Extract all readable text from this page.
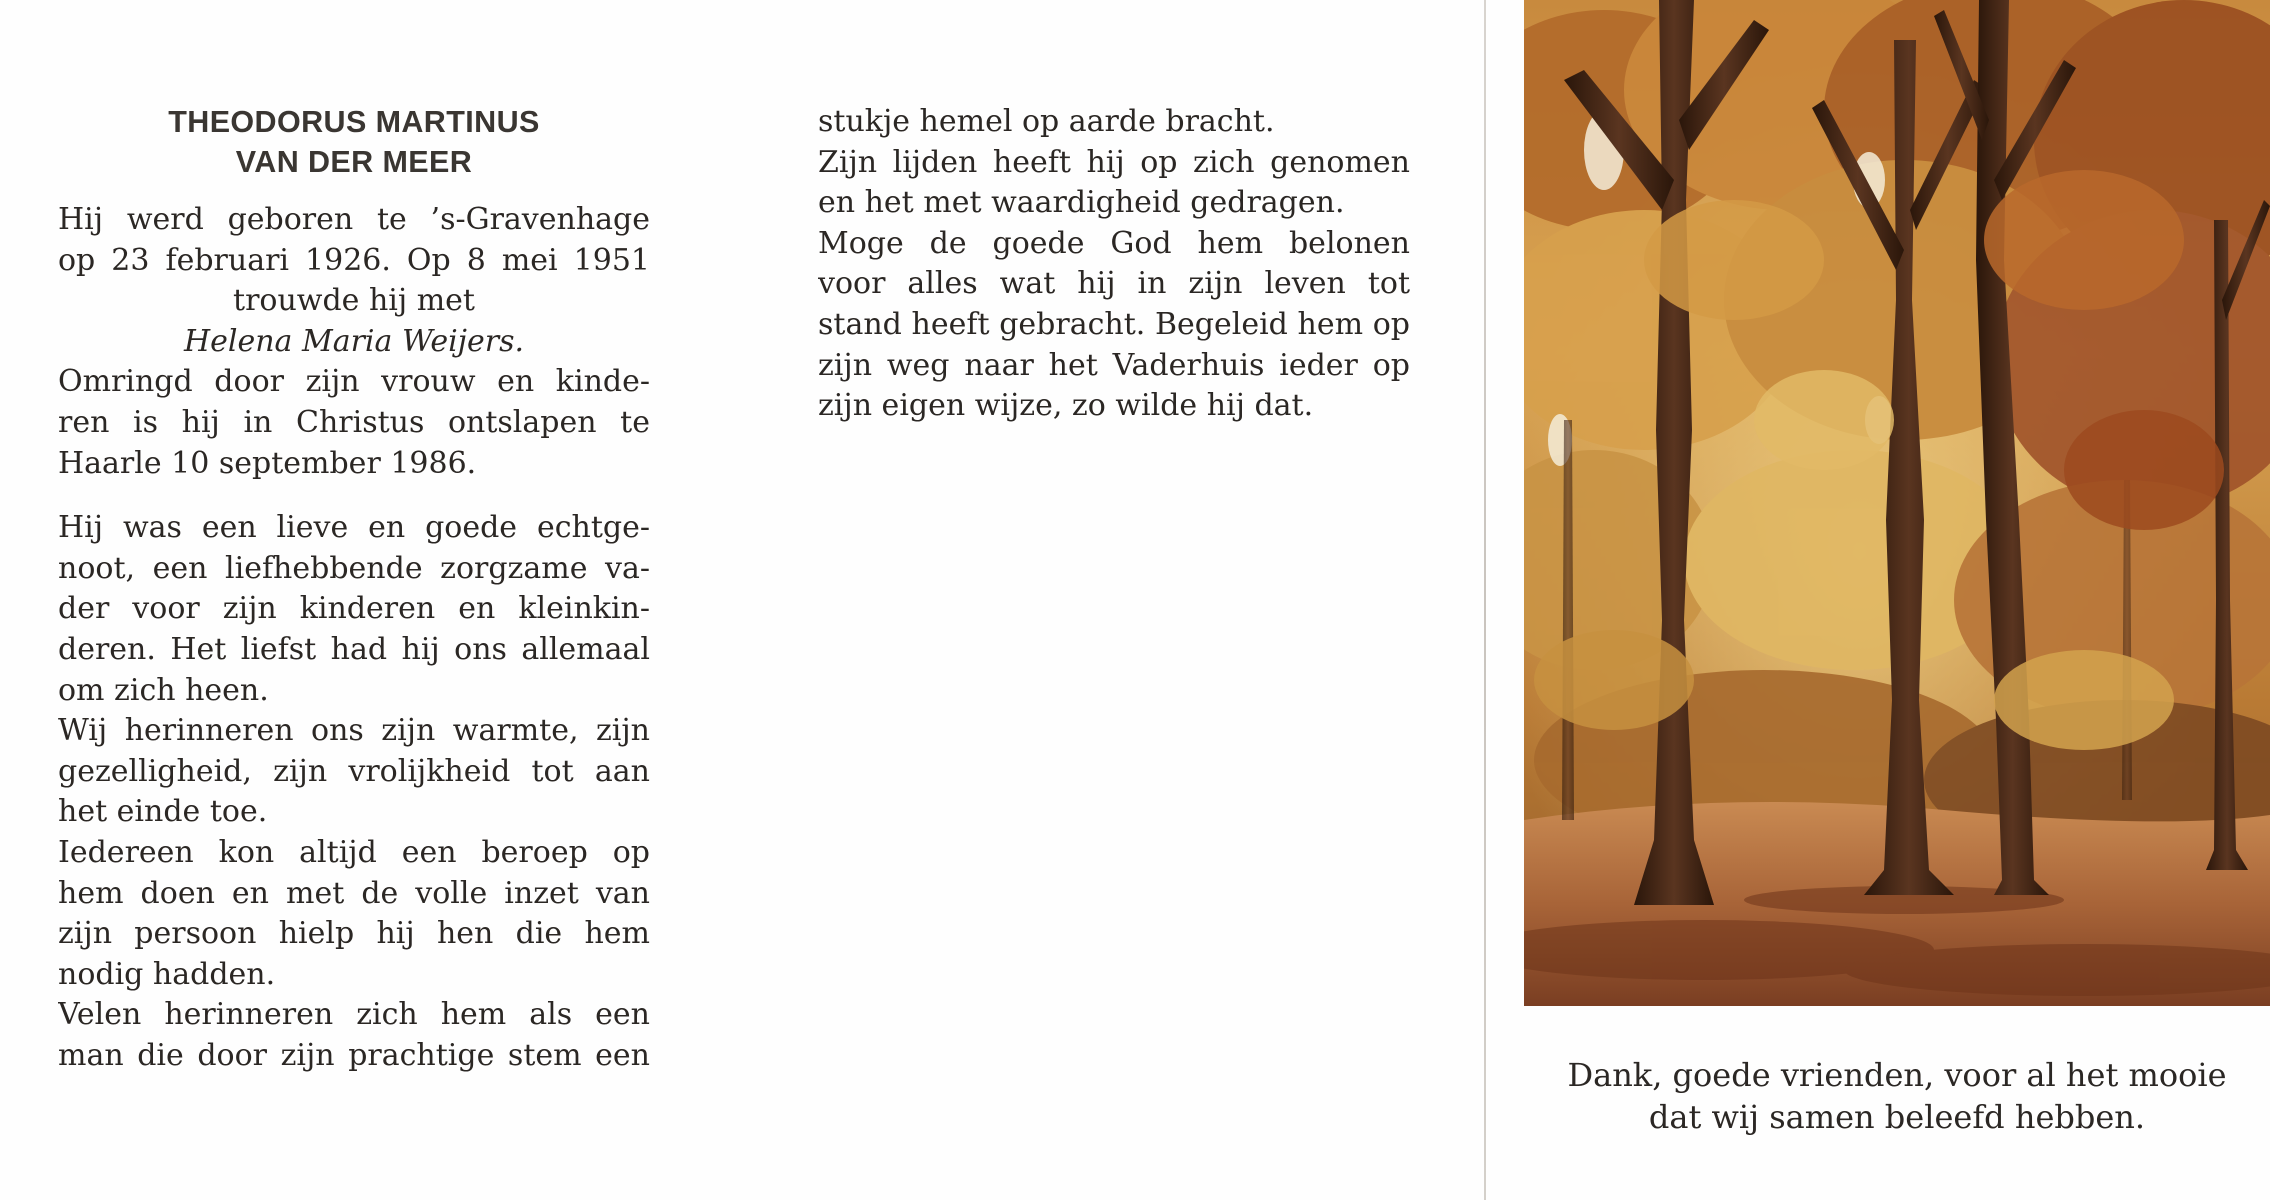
THEODORUS MARTINUS
VAN DER MEER
Hij werd geboren te ’s-Gravenhage
op 23 februari 1926. Op 8 mei 1951
trouwde hij met
Helena Maria Weijers.
Omringd door zijn vrouw en kinde-
ren is hij in Christus ontslapen te
Haarle 10 september 1986.
Hij was een lieve en goede echtge-
noot, een liefhebbende zorgzame va-
der voor zijn kinderen en kleinkin-
deren. Het liefst had hij ons allemaal
om zich heen.
Wij herinneren ons zijn warmte, zijn
gezelligheid, zijn vrolijkheid tot aan
het einde toe.
Iedereen kon altijd een beroep op
hem doen en met de volle inzet van
zijn persoon hielp hij hen die hem
nodig hadden.
Velen herinneren zich hem als een
man die door zijn prachtige stem een
stukje hemel op aarde bracht.
Zijn lijden heeft hij op zich genomen
en het met waardigheid gedragen.
Moge de goede God hem belonen
voor alles wat hij in zijn leven tot
stand heeft gebracht. Begeleid hem op
zijn weg naar het Vaderhuis ieder op
zijn eigen wijze, zo wilde hij dat.
Dank, goede vrienden, voor al het mooie
dat wij samen beleefd hebben.
